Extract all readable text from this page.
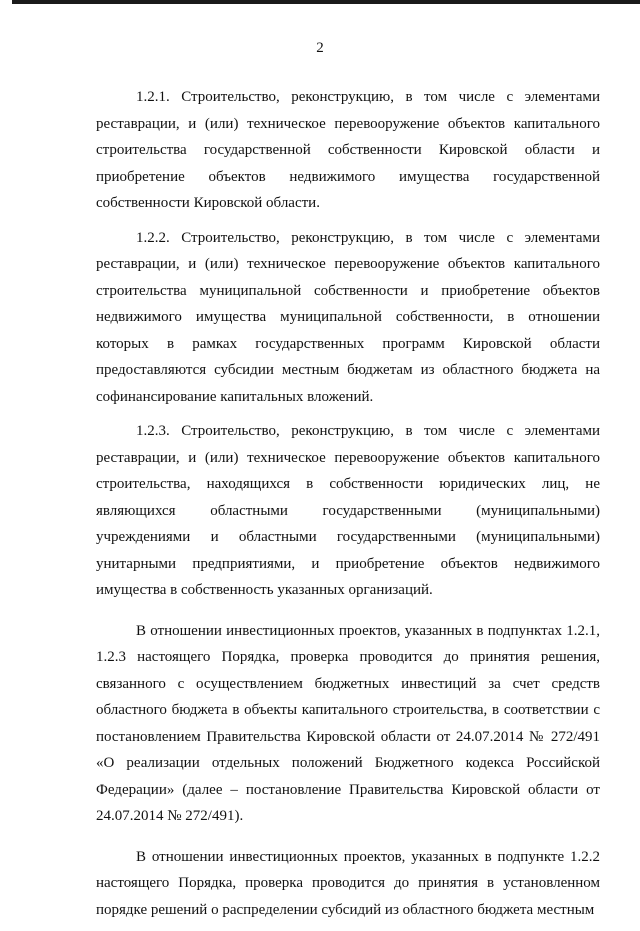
2

1.2.1. Строительство, реконструкцию, в том числе с элементами реставрации, и (или) техническое перевооружение объектов капитального строительства государственной собственности Кировской области и приобретение объектов недвижимого имущества государственной собственности Кировской области.

1.2.2. Строительство, реконструкцию, в том числе с элементами реставрации, и (или) техническое перевооружение объектов капитального строительства муниципальной собственности и приобретение объектов недвижимого имущества муниципальной собственности, в отношении которых в рамках государственных программ Кировской области предоставляются субсидии местным бюджетам из областного бюджета на софинансирование капитальных вложений.

1.2.3. Строительство, реконструкцию, в том числе с элементами реставрации, и (или) техническое перевооружение объектов капитального строительства, находящихся в собственности юридических лиц, не являющихся областными государственными (муниципальными) учреждениями и областными государственными (муниципальными) унитарными предприятиями, и приобретение объектов недвижимого имущества в собственность указанных организаций.

В отношении инвестиционных проектов, указанных в подпунктах 1.2.1, 1.2.3 настоящего Порядка, проверка проводится до принятия решения, связанного с осуществлением бюджетных инвестиций за счет средств областного бюджета в объекты капитального строительства, в соответствии с постановлением Правительства Кировской области от 24.07.2014 № 272/491 «О реализации отдельных положений Бюджетного кодекса Российской Федерации» (далее – постановление Правительства Кировской области от 24.07.2014 № 272/491).

В отношении инвестиционных проектов, указанных в подпункте 1.2.2 настоящего Порядка, проверка проводится до принятия в установленном порядке решений о распределении субсидий из областного бюджета местным
